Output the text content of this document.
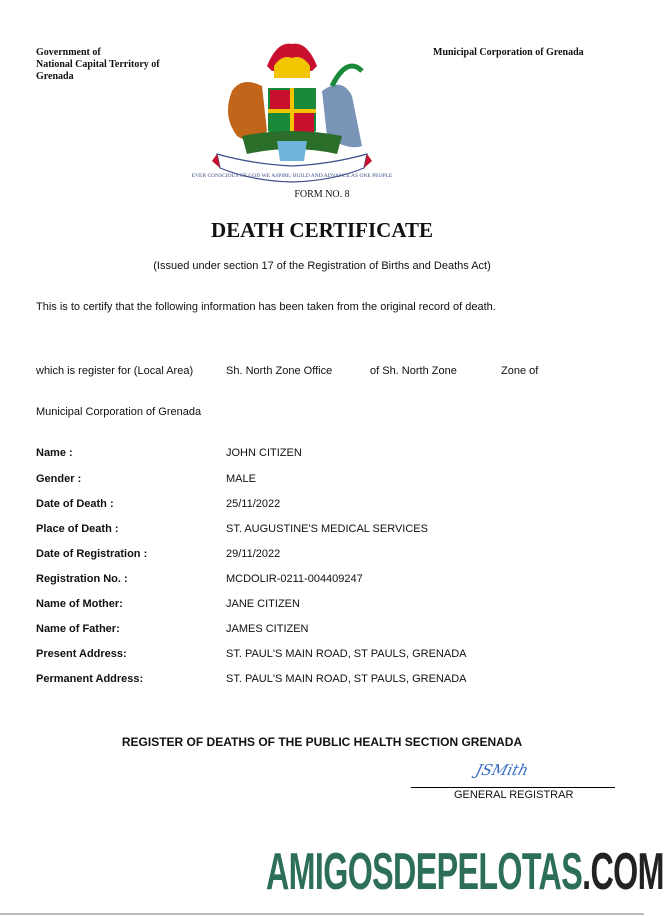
Government of
National Capital Territory of
Grenada
Municipal Corporation of Grenada
EVER CONSCIOUS OF GOD WE ASPIRE, BUILD AND ADVANCE AS ONE PEOPLE
FORM NO. 8
DEATH CERTIFICATE
(Issued under section 17 of the Registration of Births and Deaths Act)
This is to certify that the following information has been taken from the original record of death.
which is register for (Local Area)	Sh. North Zone Office	of Sh. North Zone	Zone of
Municipal Corporation of Grenada
Name :	JOHN CITIZEN
Gender :	MALE
Date of Death :	25/11/2022
Place of Death :	ST. AUGUSTINE'S MEDICAL SERVICES
Date of Registration :	29/11/2022
Registration No. :	MCDOLIR-0211-004409247
Name of Mother:	JANE CITIZEN
Name of Father:	JAMES CITIZEN
Present Address:	ST. PAUL'S MAIN ROAD, ST PAULS, GRENADA
Permanent Address:	ST. PAUL'S MAIN ROAD, ST PAULS, GRENADA
REGISTER OF DEATHS OF THE PUBLIC HEALTH SECTION GRENADA
JSMith
GENERAL REGISTRAR
AMIGOSDEPELOTAS.COM
